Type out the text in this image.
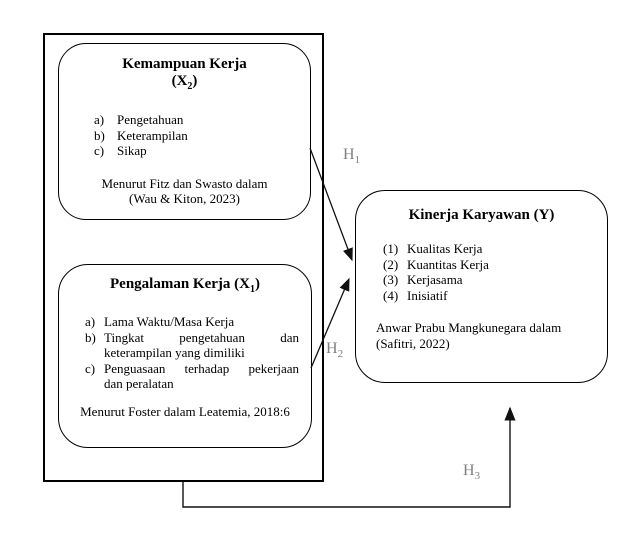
Kemampuan Kerja
$(X_2)$
a) Pengetahuan
b) Keterampilan
c) Sikap
Menurut Fitz dan Swasto dalam
(Wau & Kiton, 2023)
Pengalaman Kerja $(X_1)$
a) Lama Waktu/Masa Kerja
b) Tingkat pengetahuan dan
keterampilan yang dimiliki
c) Penguasaan terhadap pekerjaan
dan peralatan
Menurut Foster dalam Leatemia, 2018:6
Kinerja Karyawan (Y)
(1) Kualitas Kerja
(2) Kuantitas Kerja
(3) Kerjasama
(4) Inisiatif
Anwar Prabu Mangkunegara dalam
(Safitri, 2022)
$H_1$
$H_2$
$H_3$
